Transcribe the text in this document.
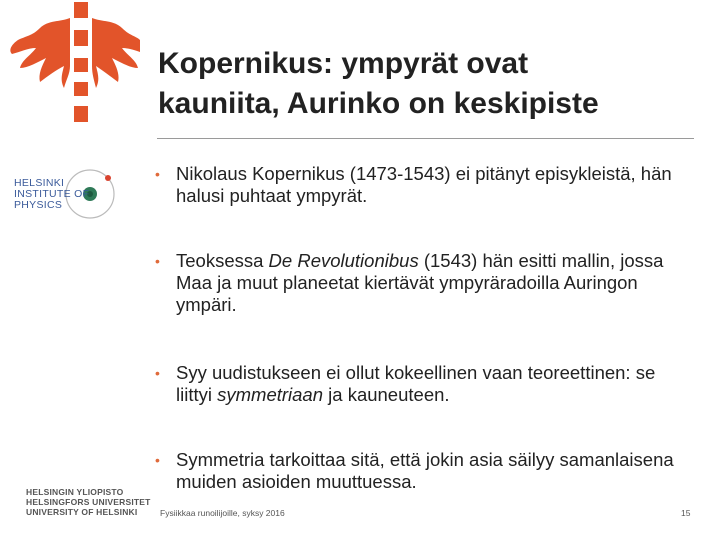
HELSINKI
INSTITUTE OF
PHYSICS
HELSINGIN YLIOPISTO
HELSINGFORS UNIVERSITET
UNIVERSITY OF HELSINKI
Kopernikus: ympyrät ovat
kauniita, Aurinko on keskipiste
• Nikolaus Kopernikus (1473-1543) ei pitänyt episykleistä, hän halusi puhtaat ympyrät.
• Teoksessa De Revolutionibus (1543) hän esitti mallin, jossa Maa ja muut planeetat kiertävät ympyräradoilla Auringon ympäri.
• Syy uudistukseen ei ollut kokeellinen vaan teoreettinen: se liittyi symmetriaan ja kauneuteen.
• Symmetria tarkoittaa sitä, että jokin asia säilyy samanlaisena muiden asioiden muuttuessa.
Fysiikkaa runoilijoille, syksy 2016	15
